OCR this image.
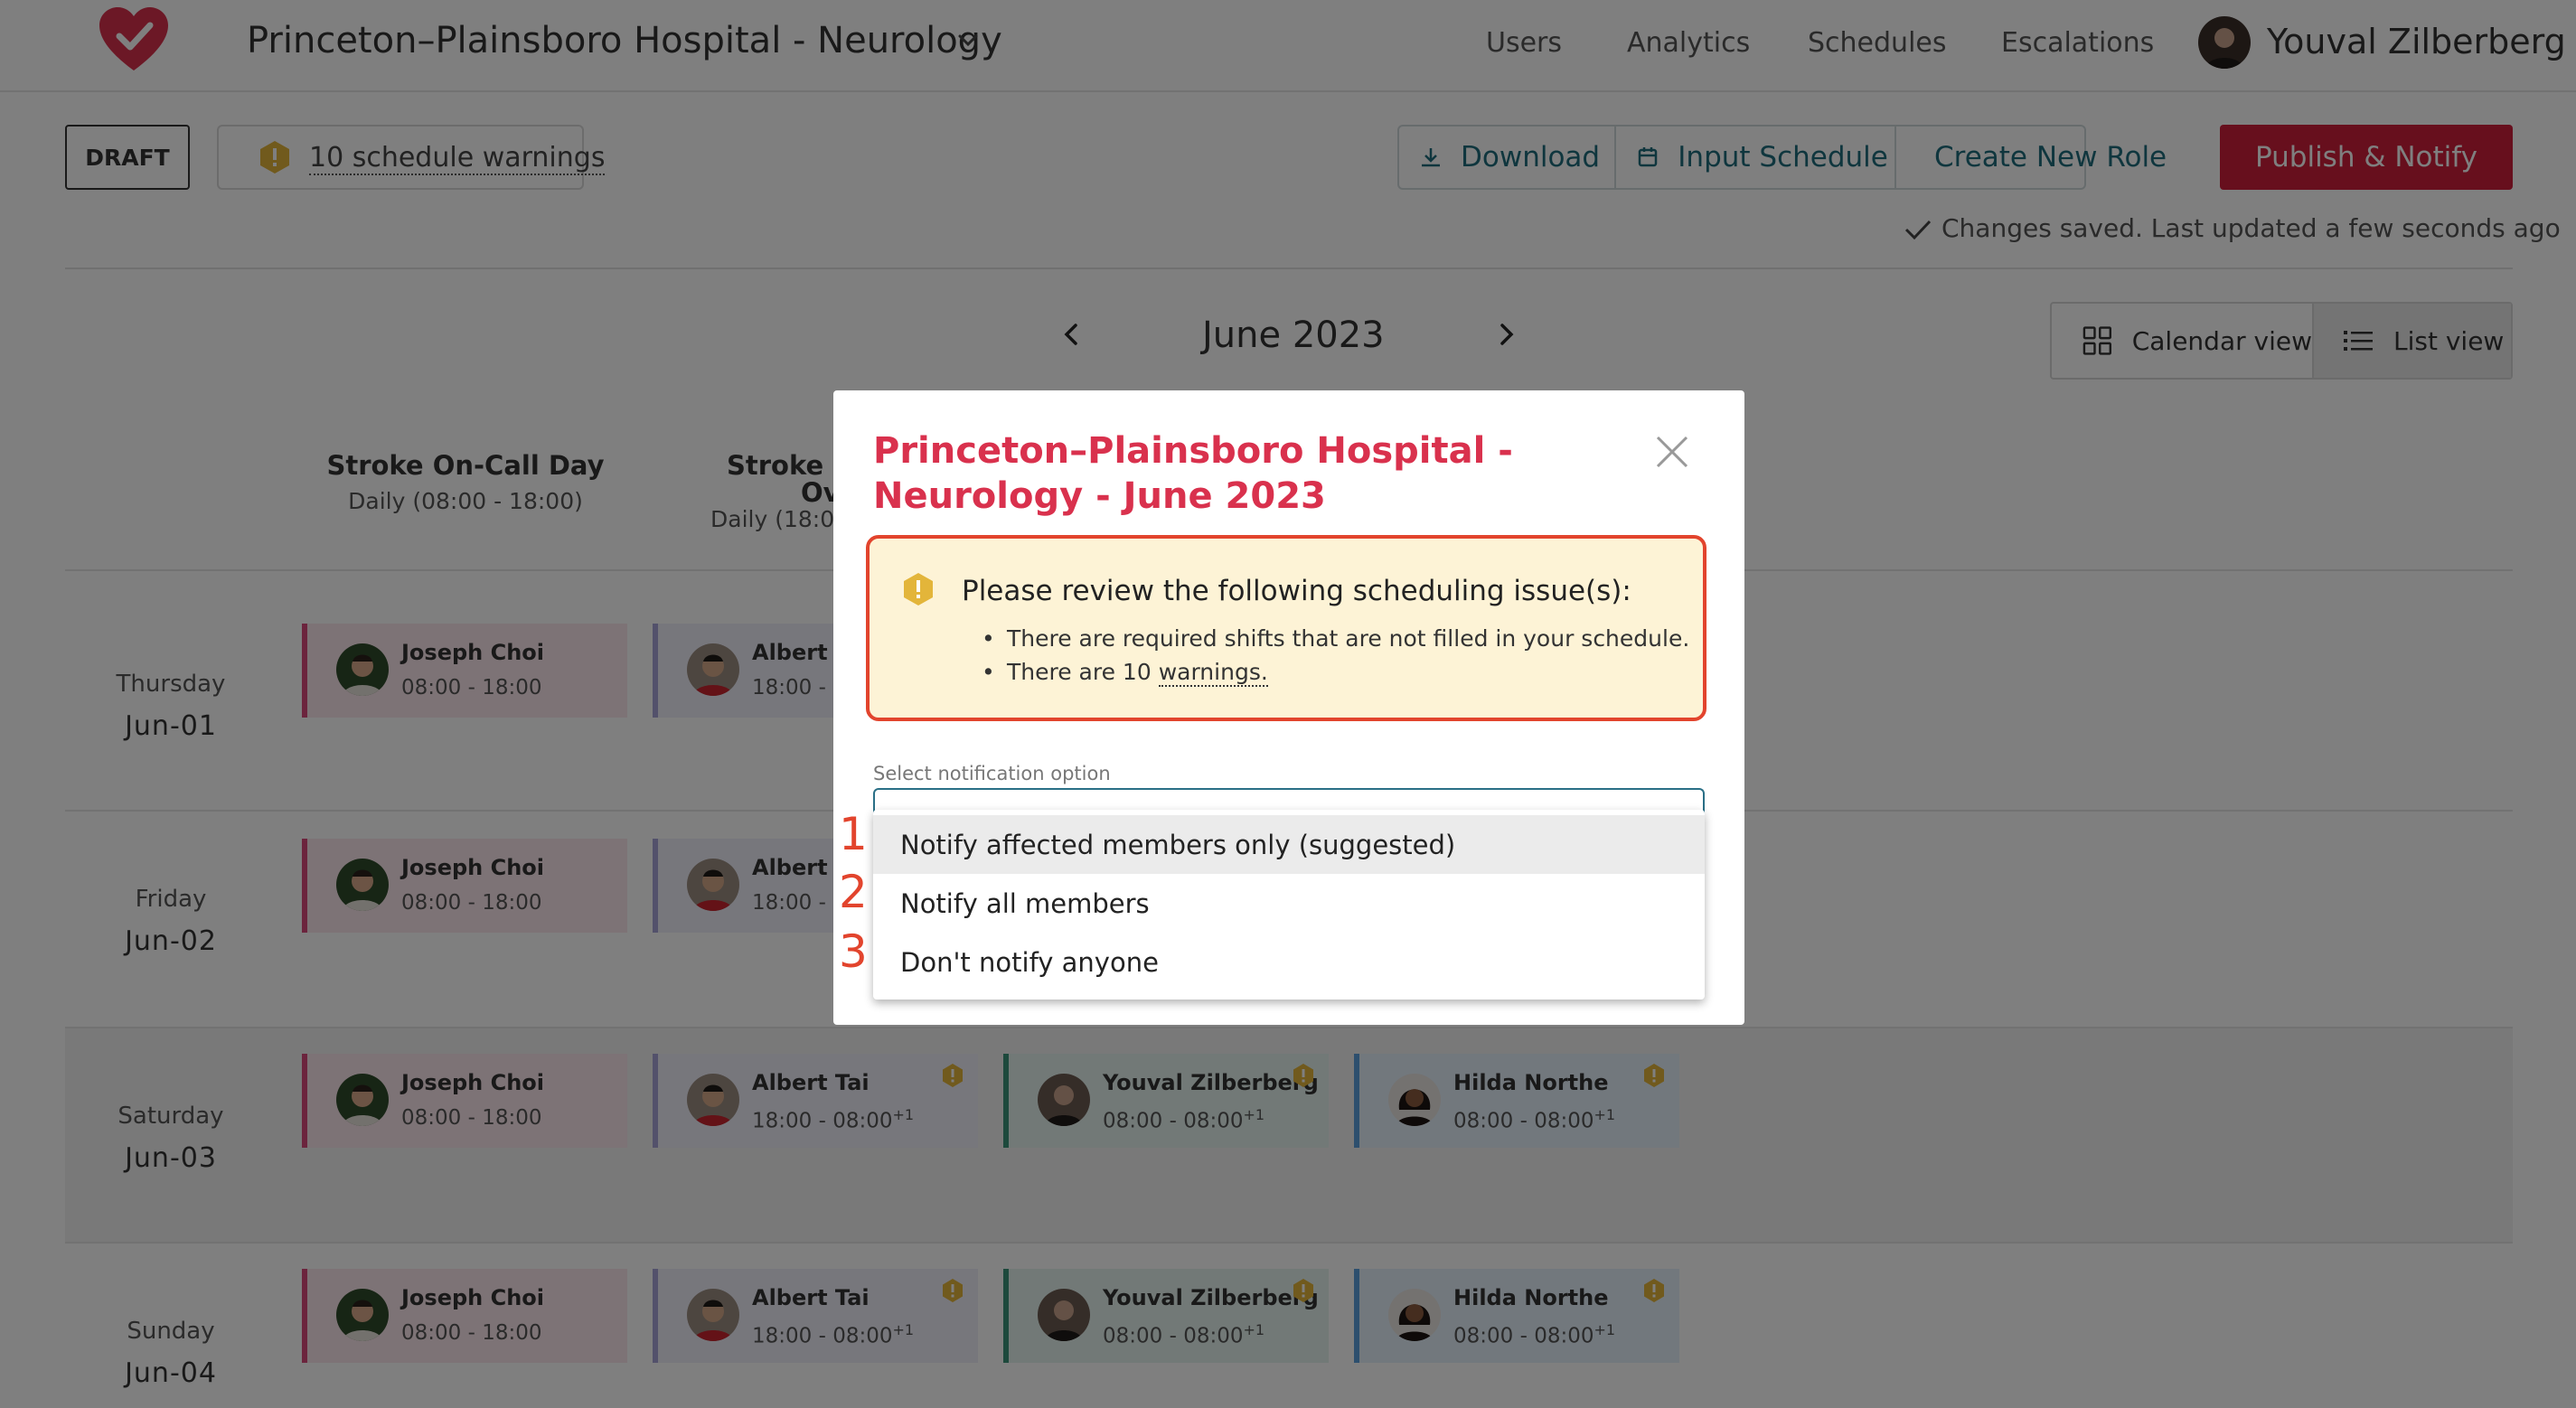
Princeton–Plainsboro Hospital - Neurology - June 2023
Please review the following scheduling issue(s):
• There are required shifts that are not filled in your schedule.
• There are 10 warnings.
Select notification option
Notify affected members only (suggested)
Notify all members
Don't notify anyone
1
2
3
